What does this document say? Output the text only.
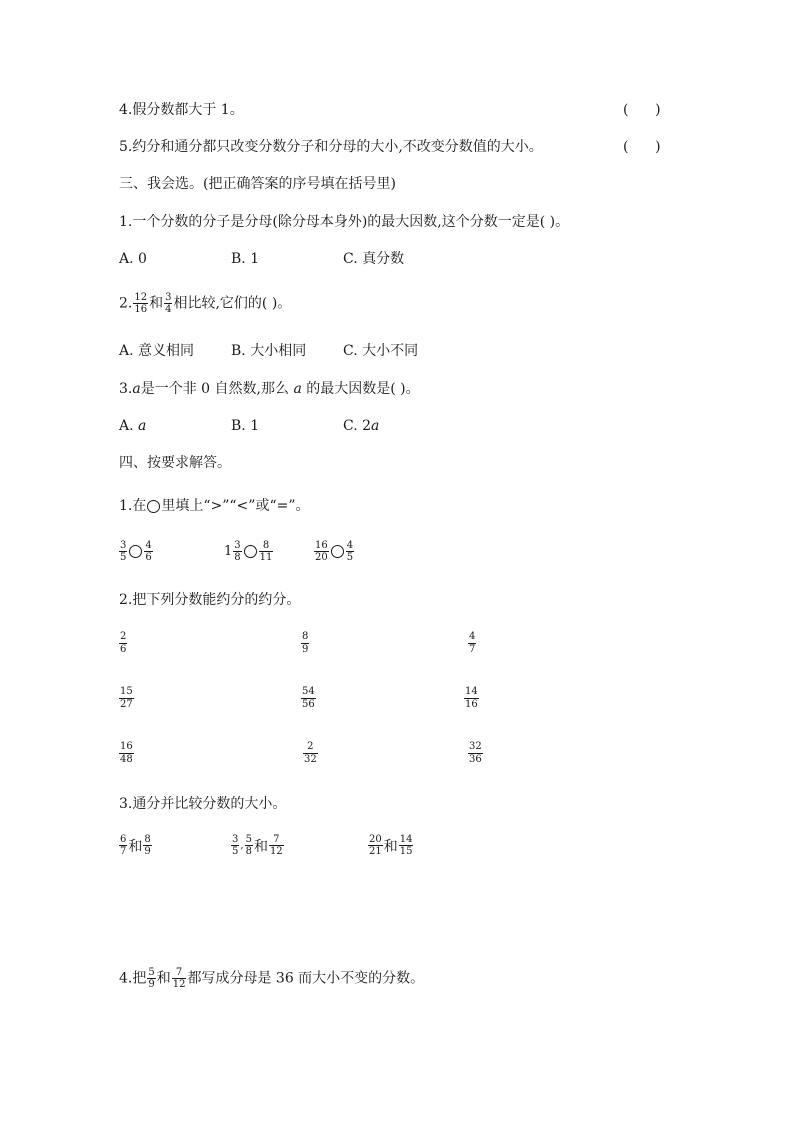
4.假分数都大于 1。	(      )
5.约分和通分都只改变分数分子和分母的大小,不改变分数值的大小。	(      )
三、我会选。(把正确答案的序号填在括号里)
1.一个分数的分子是分母(除分母本身外)的最大因数,这个分数一定是( )。
A. 0	B. 1	C. 真分数
2. $\frac{12}{16}$ 和 $\frac{3}{4}$ 相比较,它们的( )。
A. 意义相同	B. 大小相同	C. 大小不同
3.a是一个非 0 自然数,那么 a 的最大因数是( )。
A. a	B. 1	C. 2a
四、按要求解答。
1.在 里填上“>”“<”或“=”。
$\frac{3}{5} \frac{4}{6}$	$1 \frac{3}{8} \frac{8}{11}$	$\frac{16}{20} \frac{4}{5}$
2.把下列分数能约分的约分。
$\frac{2}{6}$	$\frac{8}{9}$	$\frac{4}{7}$
$\frac{15}{27}$	$\frac{54}{56}$	$\frac{14}{16}$
$\frac{16}{48}$	$\frac{2}{32}$	$\frac{32}{36}$
3.通分并比较分数的大小。
$\frac{6}{7}$ 和 $\frac{8}{9}$	$\frac{3}{5}$ , $\frac{5}{8}$ 和 $\frac{7}{12}$	$\frac{20}{21}$ 和 $\frac{14}{15}$
4.把 $\frac{5}{9}$ 和 $\frac{7}{12}$ 都写成分母是 36 而大小不变的分数。
